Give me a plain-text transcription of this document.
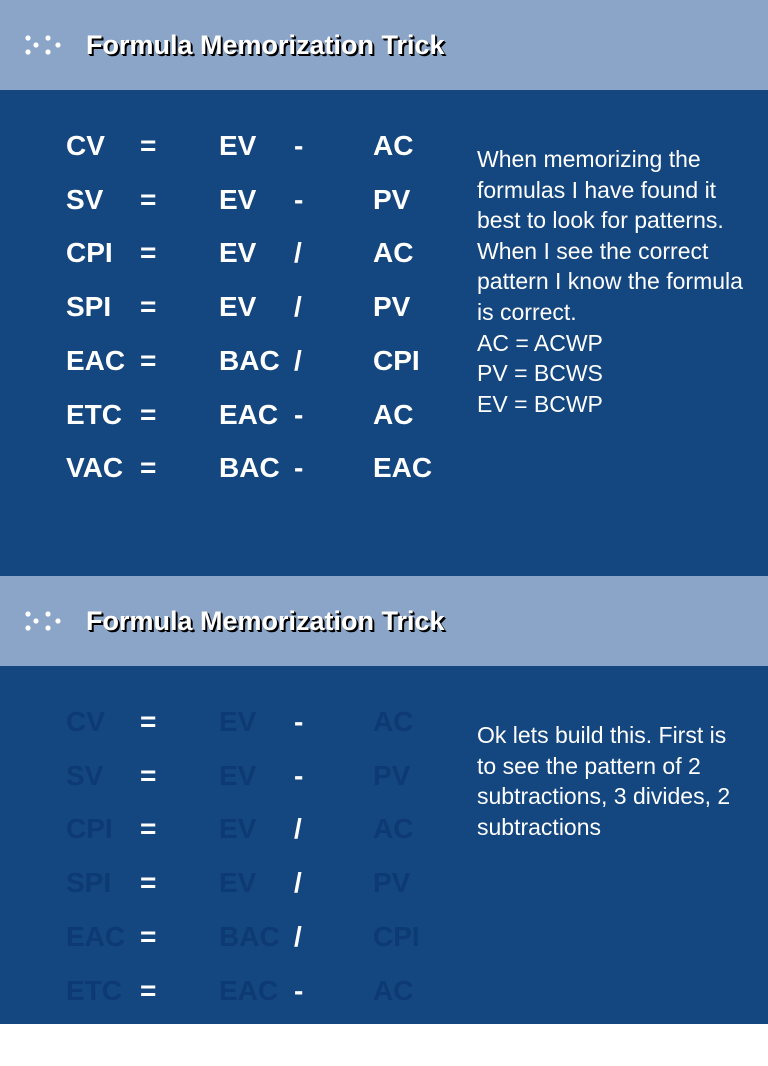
Formula Memorization Trick
CV = EV - AC
SV = EV - PV
CPI = EV /	AC
SPI = EV /	PV
EAC = BAC /	CPI
ETC = EAC - AC
VAC = BAC - EAC

When memorizing the formulas I have found it best to look for patterns. When I see the correct pattern I know the formula is correct.

AC = ACWP

PV = BCWS

EV = BCWP

Formula Memorization Trick
CV = EV - AC
SV = EV - PV
CPI = EV /	AC
SPI = EV /	PV
EAC = BAC /	CPI
ETC = EAC - AC

Ok lets build this. First is to see the pattern of 2 subtractions, 3 divides, 2 subtractions
